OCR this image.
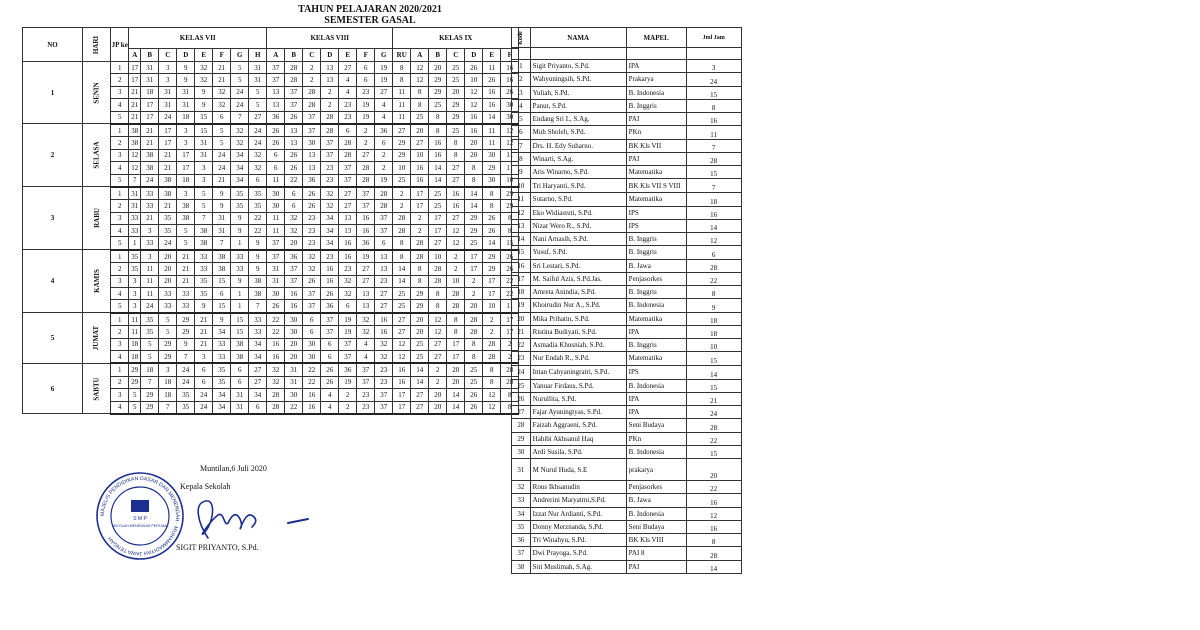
TAHUN PELAJARAN 2020/2021
SEMESTER GASAL
NO	HARI	JP ke	KELAS VII								KELAS VIII							KELAS IX						
			A	B	C	D	E	F	G	H	A	B	C	D	E	F	G	RU	A	B	C	D	E	F
1	SENIN	1	17	31	3	9	32	21	5	31	37	28	2	13	27	6	19	8	12	20	25	26	11	16
		2	17	31	3	9	32	21	5	31	37	28	2	13	4	6	19	8	12	29	25	10	26	16
		3	21	18	31	31	9	32	24	5	13	37	28	2	4	23	27	11	8	29	20	12	16	26
		4	21	17	31	31	9	32	24	5	13	37	28	2	23	19	4	11	8	25	29	12	16	30
		5	21	17	24	18	15	6	7	27	36	26	37	28	23	19	4	11	25	8	29	16	14	30
2	SELASA	1	38	21	17	3	15	5	32	24	26	13	37	28	6	2	36	27	20	8	25	16	11	12
		2	38	21	17	3	31	5	32	24	26	13	30	37	28	2	6	29	27	16	8	20	11	12
		3	12	38	21	17	31	24	34	32	6	26	13	37	28	27	2	29	10	16	8	20	30	11
		4	12	38	21	17	3	24	34	32	6	26	13	23	37	28	2	10	16	14	27	8	29	11
		5	7	24	38	18	3	21	34	6	11	22	36	23	37	28	19	25	16	14	27	8	30	10
3	RABU	1	31	33	38	3	5	9	35	35	30	6	26	32	27	37	28	2	17	25	16	14	8	29
		2	31	33	21	38	5	9	35	35	30	6	26	32	27	37	28	2	17	25	16	14	8	29
		3	33	21	35	38	7	31	9	22	11	32	23	34	13	16	37	28	2	17	27	29	26	8
		4	33	3	35	5	38	31	9	22	11	32	23	34	13	16	37	28	2	17	12	29	26	8
		5	1	33	24	5	38	7	1	9	37	20	23	34	16	36	6	8	28	27	12	25	14	15
4	KAMIS	1	35	3	20	21	33	38	33	9	37	36	32	23	16	19	13	8	28	10	2	17	29	26
		2	35	11	20	21	33	38	33	9	31	37	32	16	23	27	13	14	8	28	2	17	29	26
		3	3	11	20	21	35	15	9	38	31	37	26	16	32	27	23	14	8	28	10	2	17	22
		4	3	11	33	33	35	6	1	38	30	16	37	26	32	13	27	25	29	8	28	2	17	22
		5	3	24	33	33	9	15	1	7	26	16	37	36	6	13	27	25	29	8	28	20	10	11
5	JUMAT	1	11	35	5	29	21	9	15	33	22	30	6	37	19	32	16	27	20	12	8	28	2	17
		2	11	35	5	29	21	34	15	33	22	30	6	37	19	32	16	27	20	12	8	28	2	17
		3	18	5	29	9	21	33	38	34	16	20	30	6	37	4	32	12	25	27	17	8	28	2
		4	18	5	29	7	3	33	38	34	16	20	30	6	37	4	32	12	25	27	17	8	28	2
6	SABTU	1	29	18	3	24	6	35	6	27	32	31	22	26	36	37	23	16	14	2	20	25	8	28
		2	29	7	18	24	6	35	6	27	32	31	22	26	19	37	23	16	14	2	20	25	8	28
		3	5	29	18	35	24	34	31	34	28	30	16	4	2	23	37	17	27	20	14	26	12	8
		4	5	29	7	35	24	34	31	6	28	22	16	4	2	23	37	17	27	20	14	26	12	8
Kode	NAMA	MAPEL	Jml Jam

1	Sigit Priyanto, S.Pd.	IPA	3
2	Wahyuningsih, S.Pd.	Prakarya	24
3	Yuliah, S.Pd.	B. Indonesia	15
4	Panut, S.Pd.	B. Inggris	8
5	Endang Sri L, S.Ag.	PAI	16
6	Muh Sholeh, S.Pd.	PKn	11
7	Drs. H. Edy Suharno.	BK Kls VII	7
8	Winarti, S.Ag.	PAI	28
9	Aris Winarno, S.Pd.	Matematika	15
10	Tri Haryanti, S.Pd.	BK Kls VII S VIII	7
11	Sutarno, S.Pd.	Matematika	18
12	Eko Widiastuti, S.Pd.	IPS	16
13	Nizar Wero R., S.Pd.	IPS	14
14	Nani Arnasih, S.Pd.	B. Inggris	12
15	Yusuf, S.Pd.	B. Inggris	6
16	Sri Lestari, S.Pd.	B. Jawa	28
17	M. Saiful Azis, S.Pd.Jas.	Penjasorkes	22
18	Amreta Anindia, S.Pd.	B. Inggris	8
19	Khoirudin Nur A., S.Pd.	B. Indonesia	9
20	Mika Prihatin, S.Pd.	Matematika	18
21	Ristina Budiyati, S.Pd.	IPA	18
22	Asmadia Khusniah, S.Pd.	B. Inggris	10
23	Nur Endah R., S.Pd.	Matematika	15
24	Intan Cahyaningratri, S.Pd.	IPS	14
25	Yanuar Firdaus, S.Pd.	B. Indonesia	15
26	Nurullita, S.Pd.	IPA	21
27	Fajar Ayuningtyas, S.Pd.	IPA	24
28	Faizah Aggraeni, S.Pd.	Seni Budaya	28
29	Habibi Akhsanul Haq	PKn	22
30	Ardi Susila, S.Pd.	B. Indonesia	15
31	M Nurul Huda, S.E	prakarya	20
32	Rous Ikhsanudin	Penjasorkes	22
33	Andrerini Maryatmi,S.Pd.	B. Jawa	16
34	Izzat Nur Ardianti, S.Pd.	B. Indonesia	12
35	Donny Merznanda, S.Pd.	Seni Budaya	16
36	Tri Winahyu, S.Pd.	BK Kls VIII	8
37	Dwi Prayoga, S.Pd.	PAI 8	28
38	Siti Muslimah, S.Ag.	PAI	14
Muntilan,6 Juli 2020
Kepala Sekolah
SIGIT PRIYANTO, S.Pd.
MAJELIS PENDIDIKAN DASAR DAN MENENGAH · MUHAMMADIYAH JAWA TENGAH
S M P
SEKOLAH MENENGAH PERTAMA
